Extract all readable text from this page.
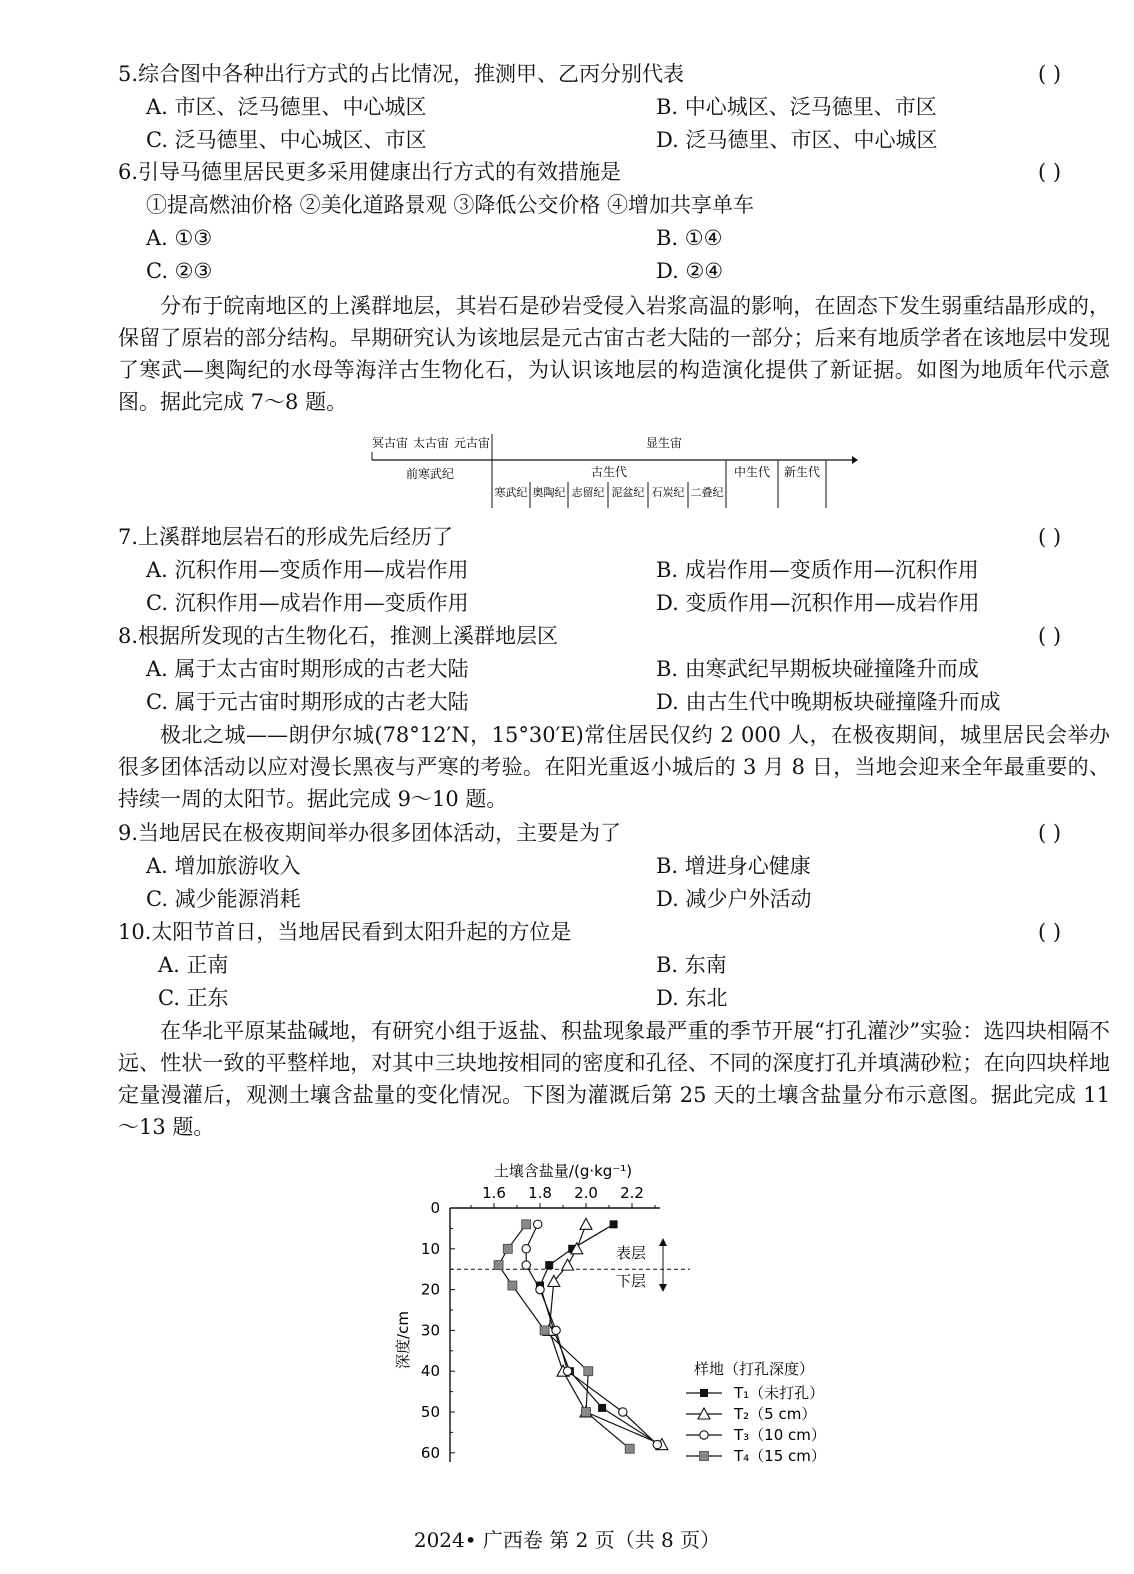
5.综合图中各种出行方式的占比情况，推测甲、乙丙分别代表	( )
A. 市区、泛马德里、中心城区	B. 中心城区、泛马德里、市区
C. 泛马德里、中心城区、市区	D. 泛马德里、市区、中心城区
6.引导马德里居民更多采用健康出行方式的有效措施是	( )
①提高燃油价格 ②美化道路景观 ③降低公交价格 ④增加共享单车
A. ①③	B. ①④
C. ②③	D. ②④
分布于皖南地区的上溪群地层，其岩石是砂岩受侵入岩浆高温的影响，在固态下发生弱重结晶形成的，保留了原岩的部分结构。早期研究认为该地层是元古宙古老大陆的一部分；后来有地质学者在该地层中发现了寒武—奥陶纪的水母等海洋古生物化石，为认识该地层的构造演化提供了新证据。如图为地质年代示意图。据此完成 7～8 题。
冥古宙 太古宙 元古宙	显生宙
前寒武纪	古生代	中生代 新生代
寒武纪 奥陶纪 志留纪 泥盆纪 石炭纪 二叠纪
7.上溪群地层岩石的形成先后经历了	( )
A. 沉积作用—变质作用—成岩作用	B. 成岩作用—变质作用—沉积作用
C. 沉积作用—成岩作用—变质作用	D. 变质作用—沉积作用—成岩作用
8.根据所发现的古生物化石，推测上溪群地层区	( )
A. 属于太古宙时期形成的古老大陆	B. 由寒武纪早期板块碰撞隆升而成
C. 属于元古宙时期形成的古老大陆	D. 由古生代中晚期板块碰撞隆升而成
极北之城——朗伊尔城(78°12′N，15°30′E)常住居民仅约 2 000 人，在极夜期间，城里居民会举办很多团体活动以应对漫长黑夜与严寒的考验。在阳光重返小城后的 3 月 8 日，当地会迎来全年最重要的、持续一周的太阳节。据此完成 9～10 题。
9.当地居民在极夜期间举办很多团体活动，主要是为了	( )
A. 增加旅游收入	B. 增进身心健康
C. 减少能源消耗	D. 减少户外活动
10.太阳节首日，当地居民看到太阳升起的方位是	( )
A. 正南	B. 东南
C. 正东	D. 东北
在华北平原某盐碱地，有研究小组于返盐、积盐现象最严重的季节开展“打孔灌沙”实验：选四块相隔不远、性状一致的平整样地，对其中三块地按相同的密度和孔径、不同的深度打孔并填满砂粒；在向四块样地定量漫灌后，观测土壤含盐量的变化情况。下图为灌溉后第 25 天的土壤含盐量分布示意图。据此完成 11～13 题。
土壤含盐量/(g·kg⁻¹)
深度/cm
样地（打孔深度）
表层
下层
1.6 1.8 2.0 2.2
0
10
20
30
40
50
60
T₁（未打孔）
T₂（5 cm）
T₃（10 cm）
T₄（15 cm）
2024• 广西卷 第 2 页（共 8 页）
